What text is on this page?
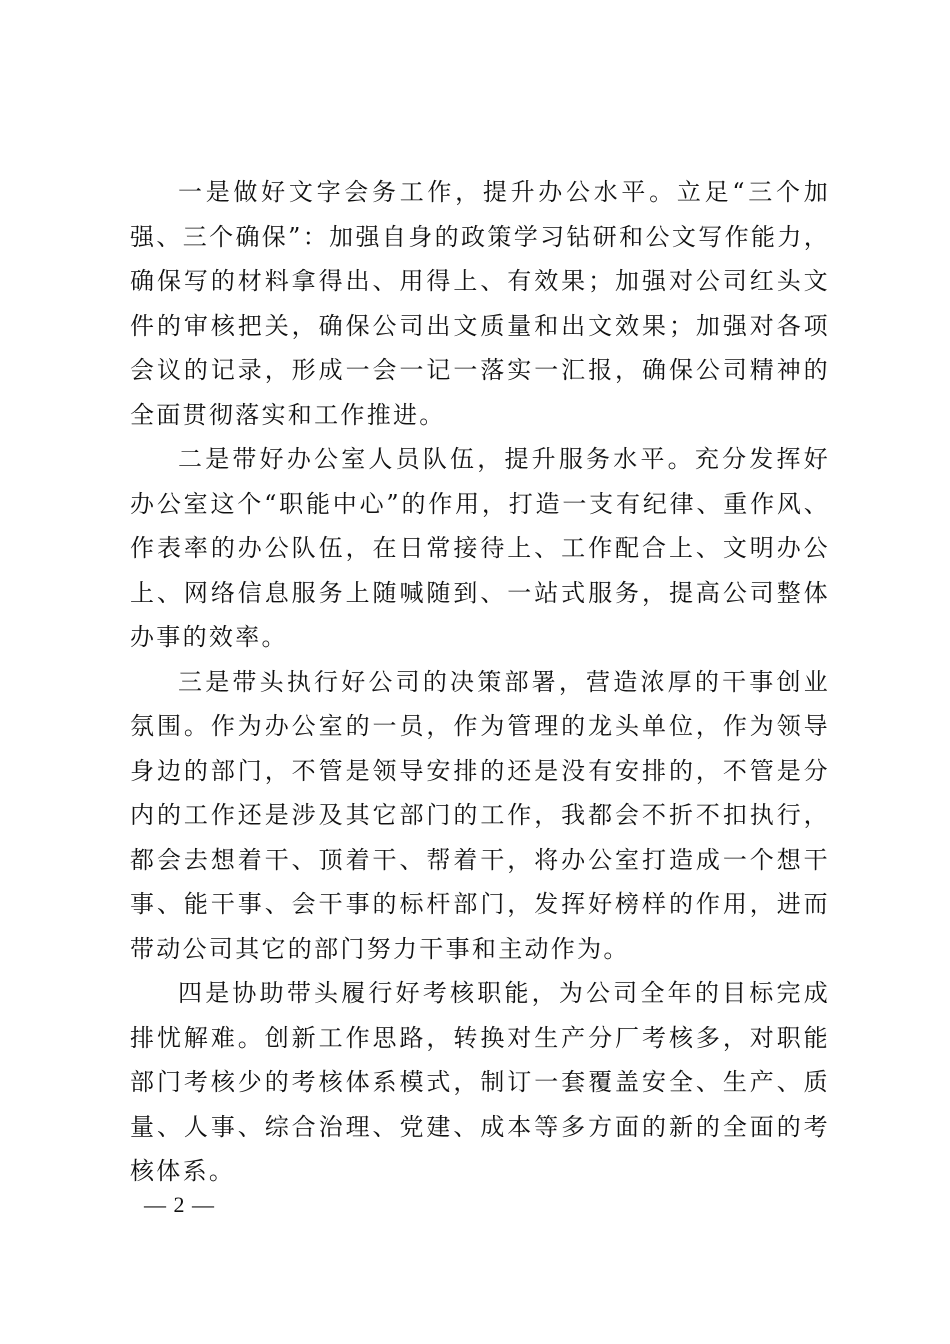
一是做好文字会务工作，提升办公水平。立足“三个加强、三个确保”：加强自身的政策学习钻研和公文写作能力，确保写的材料拿得出、用得上、有效果；加强对公司红头文件的审核把关，确保公司出文质量和出文效果；加强对各项会议的记录，形成一会一记一落实一汇报，确保公司精神的全面贯彻落实和工作推进。

二是带好办公室人员队伍，提升服务水平。充分发挥好办公室这个“职能中心”的作用，打造一支有纪律、重作风、作表率的办公队伍，在日常接待上、工作配合上、文明办公上、网络信息服务上随喊随到、一站式服务，提高公司整体办事的效率。

三是带头执行好公司的决策部署，营造浓厚的干事创业氛围。作为办公室的一员，作为管理的龙头单位，作为领导身边的部门，不管是领导安排的还是没有安排的，不管是分内的工作还是涉及其它部门的工作，我都会不折不扣执行，都会去想着干、顶着干、帮着干，将办公室打造成一个想干事、能干事、会干事的标杆部门，发挥好榜样的作用，进而带动公司其它的部门努力干事和主动作为。

四是协助带头履行好考核职能，为公司全年的目标完成排忧解难。创新工作思路，转换对生产分厂考核多，对职能部门考核少的考核体系模式，制订一套覆盖安全、生产、质量、人事、综合治理、党建、成本等多方面的新的全面的考核体系。

— 2 —
